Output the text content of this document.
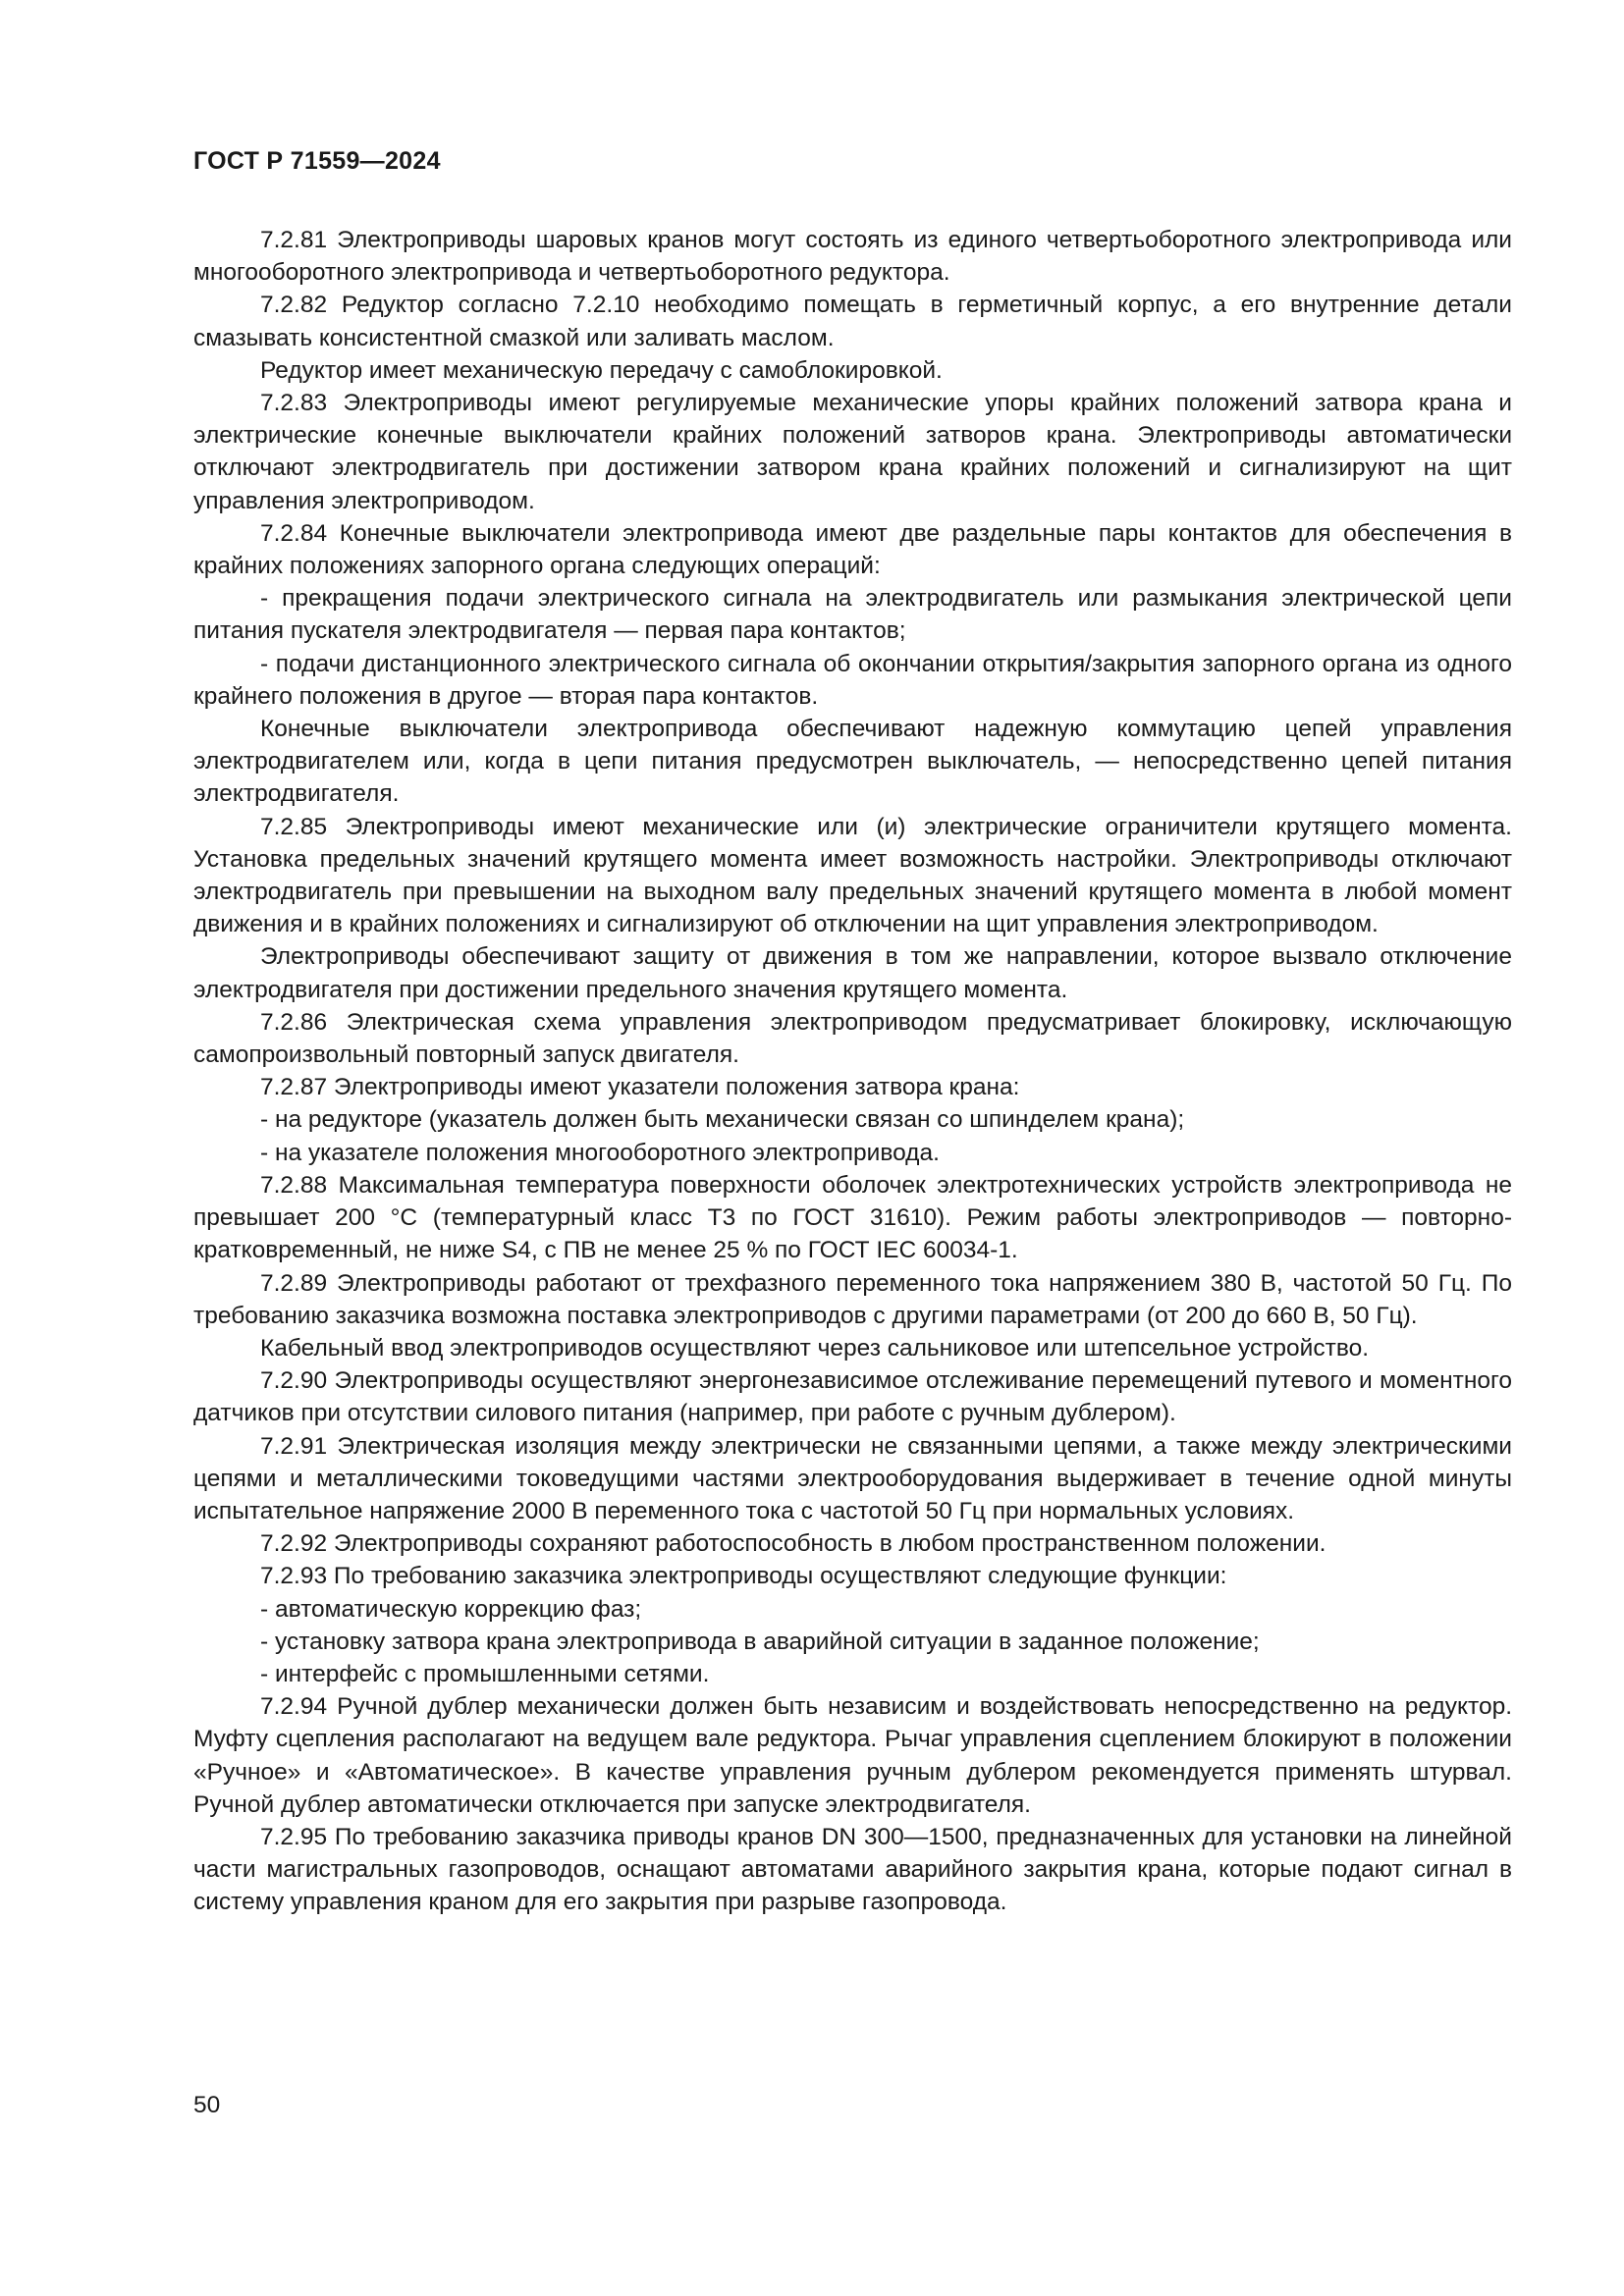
ГОСТ Р 71559—2024

7.2.81 Электроприводы шаровых кранов могут состоять из единого четвертьоборотного электропривода или многооборотного электропривода и четвертьоборотного редуктора.

7.2.82 Редуктор согласно 7.2.10 необходимо помещать в герметичный корпус, а его внутренние детали смазывать консистентной смазкой или заливать маслом.

Редуктор имеет механическую передачу с самоблокировкой.

7.2.83 Электроприводы имеют регулируемые механические упоры крайних положений затвора крана и электрические конечные выключатели крайних положений затворов крана. Электроприводы автоматически отключают электродвигатель при достижении затвором крана крайних положений и сигнализируют на щит управления электроприводом.

7.2.84 Конечные выключатели электропривода имеют две раздельные пары контактов для обеспечения в крайних положениях запорного органа следующих операций:

- прекращения подачи электрического сигнала на электродвигатель или размыкания электрической цепи питания пускателя электродвигателя — первая пара контактов;

- подачи дистанционного электрического сигнала об окончании открытия/закрытия запорного органа из одного крайнего положения в другое — вторая пара контактов.

Конечные выключатели электропривода обеспечивают надежную коммутацию цепей управления электродвигателем или, когда в цепи питания предусмотрен выключатель, — непосредственно цепей питания электродвигателя.

7.2.85 Электроприводы имеют механические или (и) электрические ограничители крутящего момента. Установка предельных значений крутящего момента имеет возможность настройки. Электроприводы отключают электродвигатель при превышении на выходном валу предельных значений крутящего момента в любой момент движения и в крайних положениях и сигнализируют об отключении на щит управления электроприводом.

Электроприводы обеспечивают защиту от движения в том же направлении, которое вызвало отключение электродвигателя при достижении предельного значения крутящего момента.

7.2.86 Электрическая схема управления электроприводом предусматривает блокировку, исключающую самопроизвольный повторный запуск двигателя.

7.2.87 Электроприводы имеют указатели положения затвора крана:

- на редукторе (указатель должен быть механически связан со шпинделем крана);

- на указателе положения многооборотного электропривода.

7.2.88 Максимальная температура поверхности оболочек электротехнических устройств электропривода не превышает 200 °С (температурный класс Т3 по ГОСТ 31610). Режим работы электроприводов — повторно-кратковременный, не ниже S4, с ПВ не менее 25 % по ГОСТ IEC 60034-1.

7.2.89 Электроприводы работают от трехфазного переменного тока напряжением 380 В, частотой 50 Гц. По требованию заказчика возможна поставка электроприводов с другими параметрами (от 200 до 660 В, 50 Гц).

Кабельный ввод электроприводов осуществляют через сальниковое или штепсельное устройство.

7.2.90 Электроприводы осуществляют энергонезависимое отслеживание перемещений путевого и моментного датчиков при отсутствии силового питания (например, при работе с ручным дублером).

7.2.91 Электрическая изоляция между электрически не связанными цепями, а также между электрическими цепями и металлическими токоведущими частями электрооборудования выдерживает в течение одной минуты испытательное напряжение 2000 В переменного тока с частотой 50 Гц при нормальных условиях.

7.2.92 Электроприводы сохраняют работоспособность в любом пространственном положении.

7.2.93 По требованию заказчика электроприводы осуществляют следующие функции:

- автоматическую коррекцию фаз;

- установку затвора крана электропривода в аварийной ситуации в заданное положение;

- интерфейс с промышленными сетями.

7.2.94 Ручной дублер механически должен быть независим и воздействовать непосредственно на редуктор. Муфту сцепления располагают на ведущем вале редуктора. Рычаг управления сцеплением блокируют в положении «Ручное» и «Автоматическое». В качестве управления ручным дублером рекомендуется применять штурвал. Ручной дублер автоматически отключается при запуске электродвигателя.

7.2.95 По требованию заказчика приводы кранов DN 300—1500, предназначенных для установки на линейной части магистральных газопроводов, оснащают автоматами аварийного закрытия крана, которые подают сигнал в систему управления краном для его закрытия при разрыве газопровода.

50
